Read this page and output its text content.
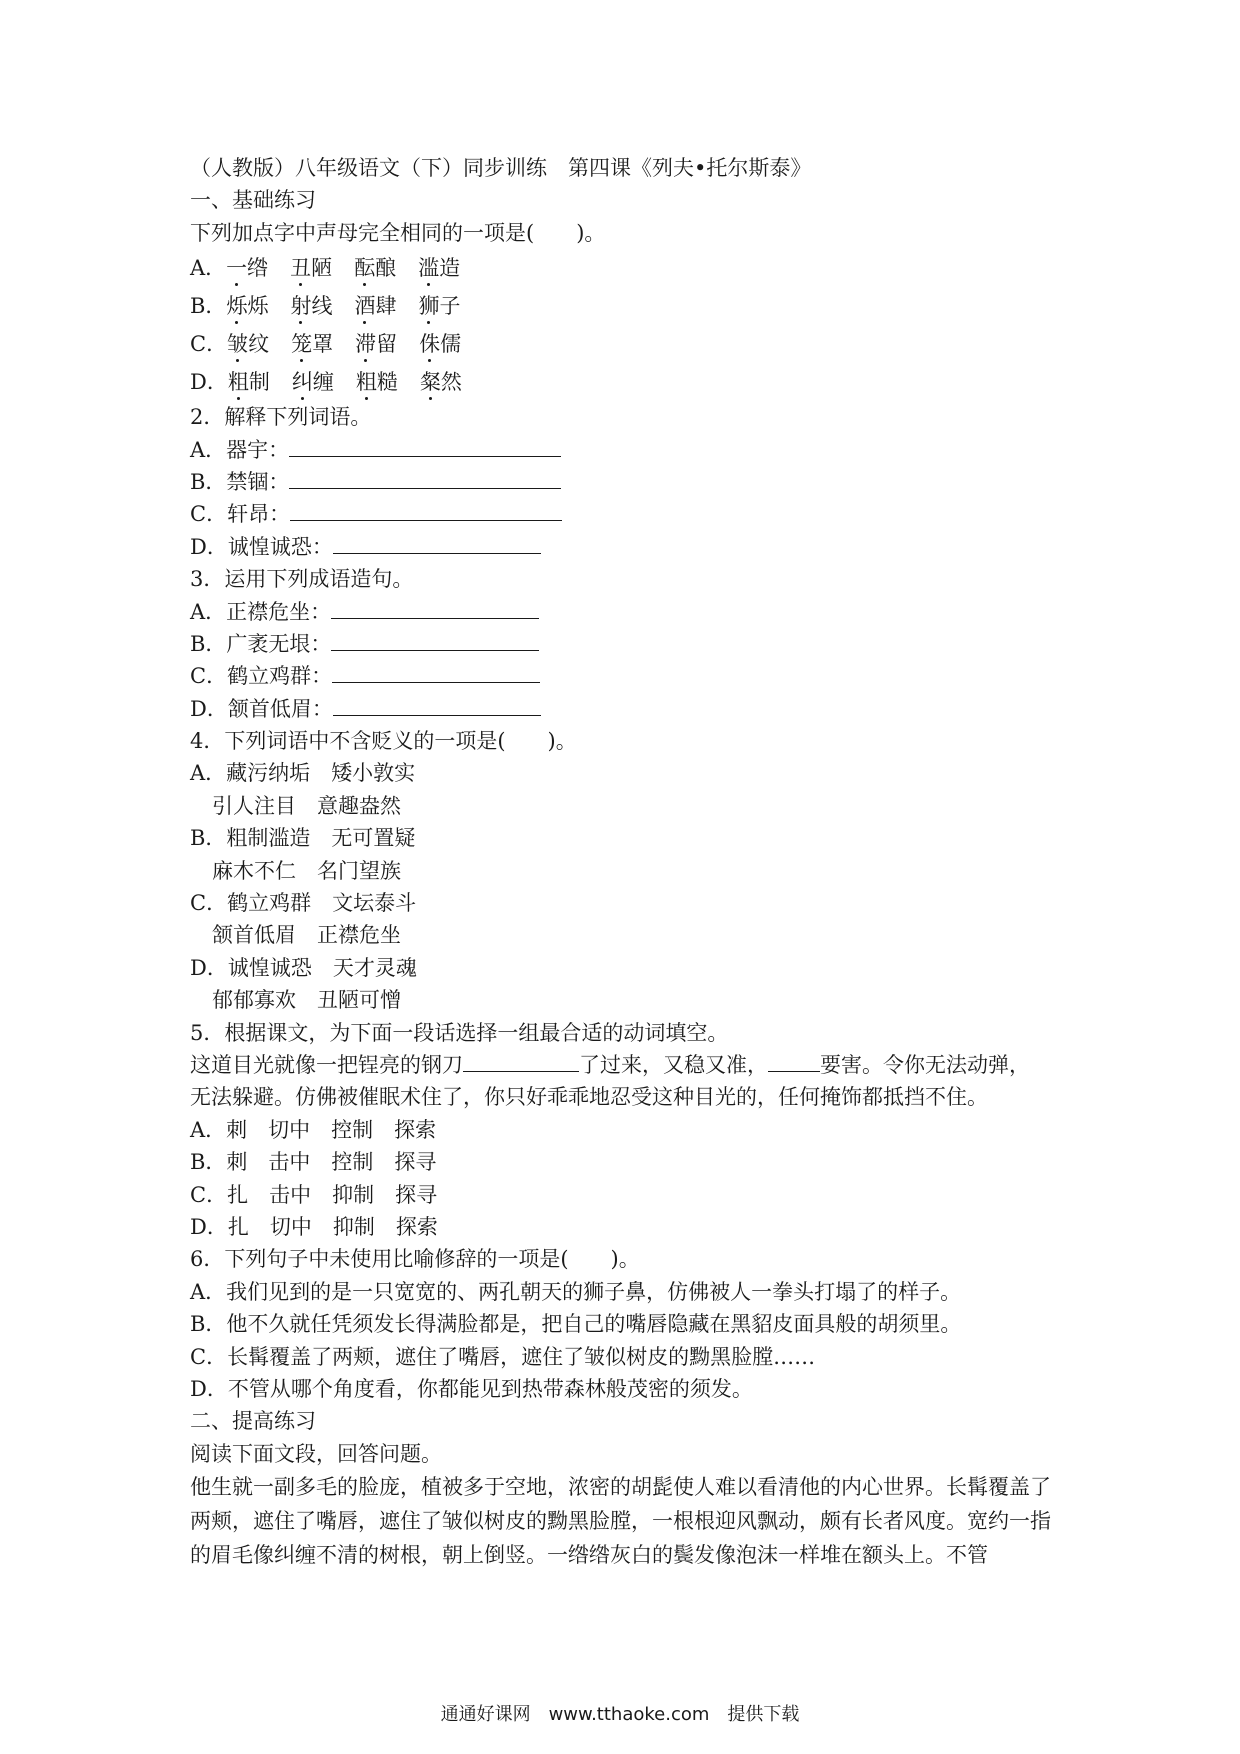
（人教版）八年级语文（下）同步训练　第四课《列夫•托尔斯泰》
一、基础练习
下列加点字中声母完全相同的一项是(　　)。
A．一绺 丑陋 酝酿 滥造
B．烁烁 射线 酒肆 狮子
C．皱纹 笼罩 滞留 侏儒
D．粗制 纠缠 粗糙 粲然
2．解释下列词语。
A．器宇：
B．禁锢：
C．轩昂：
D．诚惶诚恐：
3．运用下列成语造句。
A．正襟危坐：
B．广袤无垠：
C．鹤立鸡群：
D．颔首低眉：
4．下列词语中不含贬义的一项是(　　)。
A．藏污纳垢　矮小敦实
引人注目　意趣盎然
B．粗制滥造　无可置疑
麻木不仁　名门望族
C．鹤立鸡群　文坛泰斗
颔首低眉　正襟危坐
D．诚惶诚恐　天才灵魂
郁郁寡欢　丑陋可憎
5．根据课文，为下面一段话选择一组最合适的动词填空。
这道目光就像一把锃亮的钢刀	了过来，又稳又准， 要害。令你无法动弹，
无法躲避。仿佛被催眠术住了，你只好乖乖地忍受这种目光的，任何掩饰都抵挡不住。
A．刺　切中　控制　探索
B．刺　击中　控制　探寻
C．扎　击中　抑制　探寻
D．扎　切中　抑制　探索
6．下列句子中未使用比喻修辞的一项是(　　)。
A．我们见到的是一只宽宽的、两孔朝天的狮子鼻，仿佛被人一拳头打塌了的样子。
B．他不久就任凭须发长得满脸都是，把自己的嘴唇隐藏在黑貂皮面具般的胡须里。
C．长髯覆盖了两颊，遮住了嘴唇，遮住了皱似树皮的黝黑脸膛……
D．不管从哪个角度看，你都能见到热带森林般茂密的须发。
二、提高练习
阅读下面文段，回答问题。
他生就一副多毛的脸庞，植被多于空地，浓密的胡髭使人难以看清他的内心世界。长髯覆盖了两颊，遮住了嘴唇，遮住了皱似树皮的黝黑脸膛，一根根迎风飘动，颇有长者风度。宽约一指的眉毛像纠缠不清的树根，朝上倒竖。一绺绺灰白的鬓发像泡沫一样堆在额头上。不管
通通好课网　www.tthaoke.com　提供下载
